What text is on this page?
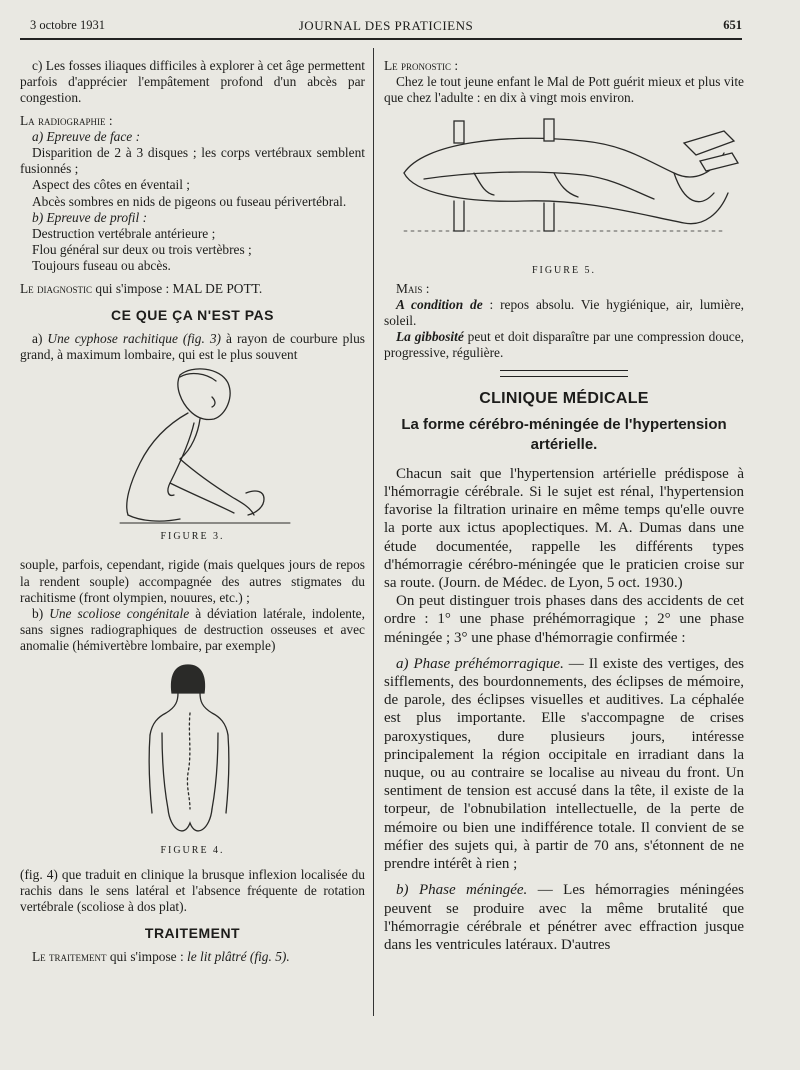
3 octobre 1931	JOURNAL DES PRATICIENS	651

c) Les fosses iliaques difficiles à explorer à cet âge permettent parfois d'apprécier l'empâtement profond d'un abcès par congestion.

La radiographie :

a) Epreuve de face :

Disparition de 2 à 3 disques ; les corps vertébraux semblent fusionnés ;

Aspect des côtes en éventail ;

Abcès sombres en nids de pigeons ou fuseau périvertébral.

b) Epreuve de profil :

Destruction vertébrale antérieure ;

Flou général sur deux ou trois vertèbres ;

Toujours fuseau ou abcès.

Le diagnostic qui s'impose : MAL DE POTT.

CE QUE ÇA N'EST PAS

a) Une cyphose rachitique (fig. 3) à rayon de courbure plus grand, à maximum lombaire, qui est le plus souvent

FIGURE 3.

souple, parfois, cependant, rigide (mais quelques jours de repos la rendent souple) accompagnée des autres stigmates du rachitisme (front olympien, nouures, etc.) ;

b) Une scoliose congénitale à déviation latérale, indolente, sans signes radiographiques de destruction osseuses et avec anomalie (hémivertèbre lombaire, par exemple)

FIGURE 4.

(fig. 4) que traduit en clinique la brusque inflexion localisée du rachis dans le sens latéral et l'absence fréquente de rotation vertébrale (scoliose à dos plat).

TRAITEMENT

Le traitement qui s'impose : le lit plâtré (fig. 5).

Le pronostic :

Chez le tout jeune enfant le Mal de Pott guérit mieux et plus vite que chez l'adulte : en dix à vingt mois environ.

FIGURE 5.

Mais :

A condition de : repos absolu. Vie hygiénique, air, lumière, soleil.

La gibbosité peut et doit disparaître par une compression douce, progressive, régulière.

CLINIQUE MÉDICALE
La forme cérébro-méningée de l'hypertension artérielle.

Chacun sait que l'hypertension artérielle prédispose à l'hémorragie cérébrale. Si le sujet est rénal, l'hypertension favorise la filtration urinaire en même temps qu'elle ouvre la porte aux ictus apoplectiques. M. A. Dumas dans une étude documentée, rappelle les différents types d'hémorragie cérébro-méningée que le praticien croise sur sa route. (Journ. de Médec. de Lyon, 5 oct. 1930.)

On peut distinguer trois phases dans des accidents de cet ordre : 1° une phase préhémorragique ; 2° une phase méningée ; 3° une phase d'hémorragie confirmée :

a) Phase préhémorragique. — Il existe des vertiges, des sifflements, des bourdonnements, des éclipses de mémoire, de parole, des éclipses visuelles et auditives. La céphalée est plus importante. Elle s'accompagne de crises paroxystiques, dure plusieurs jours, intéresse principalement la région occipitale en irradiant dans la nuque, ou au contraire se localise au niveau du front. Un sentiment de tension est accusé dans la tête, il existe de la torpeur, de l'obnubilation intellectuelle, de la perte de mémoire ou bien une indifférence totale. Il convient de se méfier des sujets qui, à partir de 70 ans, s'étonnent de ne prendre intérêt à rien ;

b) Phase méningée. — Les hémorragies méningées peuvent se produire avec la même brutalité que l'hémorragie cérébrale et pénétrer avec effraction jusque dans les ventricules latéraux. D'autres
